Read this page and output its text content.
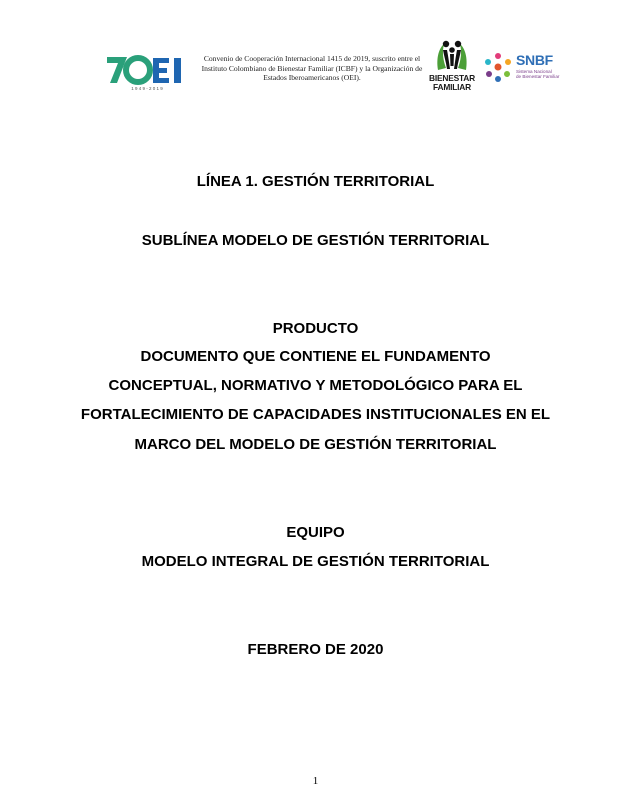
1 9 4 9 - 2 0 1 9
Convenio de Cooperación Internacional 1415 de 2019, suscrito entre el
Instituto Colombiano de Bienestar Familiar (ICBF) y la Organización de
Estados Iberoamericanos (OEI).	BIENESTAR
FAMILIAR
SNBF
Sistema Nacional
de Bienestar Familiar
LÍNEA 1. GESTIÓN TERRITORIAL
SUBLÍNEA MODELO DE GESTIÓN TERRITORIAL
PRODUCTO
DOCUMENTO QUE CONTIENE EL FUNDAMENTO
CONCEPTUAL, NORMATIVO Y METODOLÓGICO PARA EL
FORTALECIMIENTO DE CAPACIDADES INSTITUCIONALES EN EL
MARCO DEL MODELO DE GESTIÓN TERRITORIAL
EQUIPO
MODELO INTEGRAL DE GESTIÓN TERRITORIAL
FEBRERO DE 2020
1
